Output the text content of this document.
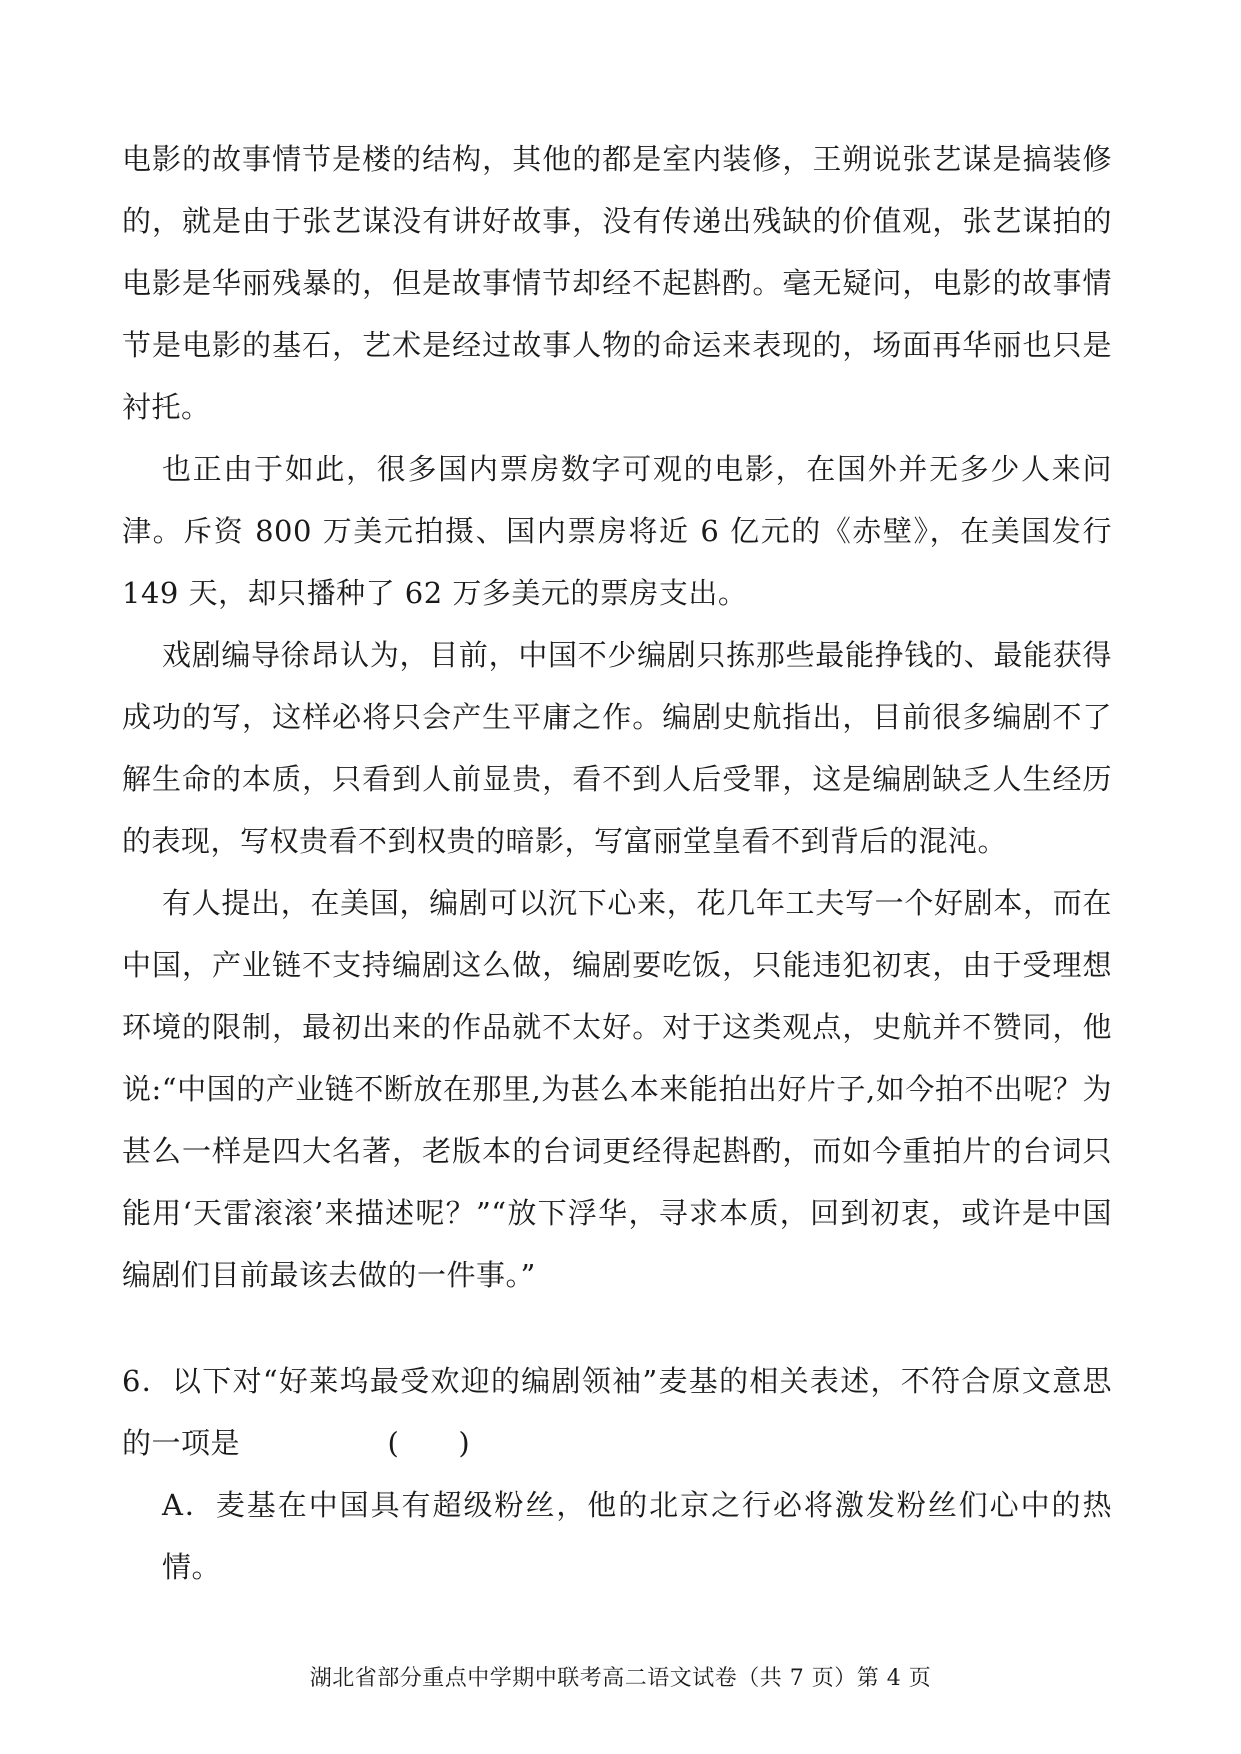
电影的故事情节是楼的结构，其他的都是室内装修，王朔说张艺谋是搞装修的，就是由于张艺谋没有讲好故事，没有传递出残缺的价值观，张艺谋拍的电影是华丽残暴的，但是故事情节却经不起斟酌。毫无疑问，电影的故事情节是电影的基石，艺术是经过故事人物的命运来表现的，场面再华丽也只是衬托。

也正由于如此，很多国内票房数字可观的电影，在国外并无多少人来问津。斥资 800 万美元拍摄、国内票房将近 6 亿元的《赤壁》，在美国发行 149 天，却只播种了 62 万多美元的票房支出。

戏剧编导徐昂认为，目前，中国不少编剧只拣那些最能挣钱的、最能获得成功的写，这样必将只会产生平庸之作。编剧史航指出，目前很多编剧不了解生命的本质，只看到人前显贵，看不到人后受罪，这是编剧缺乏人生经历的表现，写权贵看不到权贵的暗影，写富丽堂皇看不到背后的混沌。

有人提出，在美国，编剧可以沉下心来，花几年工夫写一个好剧本，而在中国，产业链不支持编剧这么做，编剧要吃饭，只能违犯初衷，由于受理想环境的限制，最初出来的作品就不太好。对于这类观点，史航并不赞同，他说:“中国的产业链不断放在那里,为甚么本来能拍出好片子,如今拍不出呢？为甚么一样是四大名著，老版本的台词更经得起斟酌，而如今重拍片的台词只能用‘天雷滚滚’来描述呢？”“放下浮华，寻求本质，回到初衷，或许是中国编剧们目前最该去做的一件事。”

6．以下对“好莱坞最受欢迎的编剧领袖”麦基的相关表述，不符合原文意思的一项是　　　　　(　　)

A．麦基在中国具有超级粉丝，他的北京之行必将激发粉丝们心中的热情。

湖北省部分重点中学期中联考高二语文试卷（共 7 页）第 4 页
